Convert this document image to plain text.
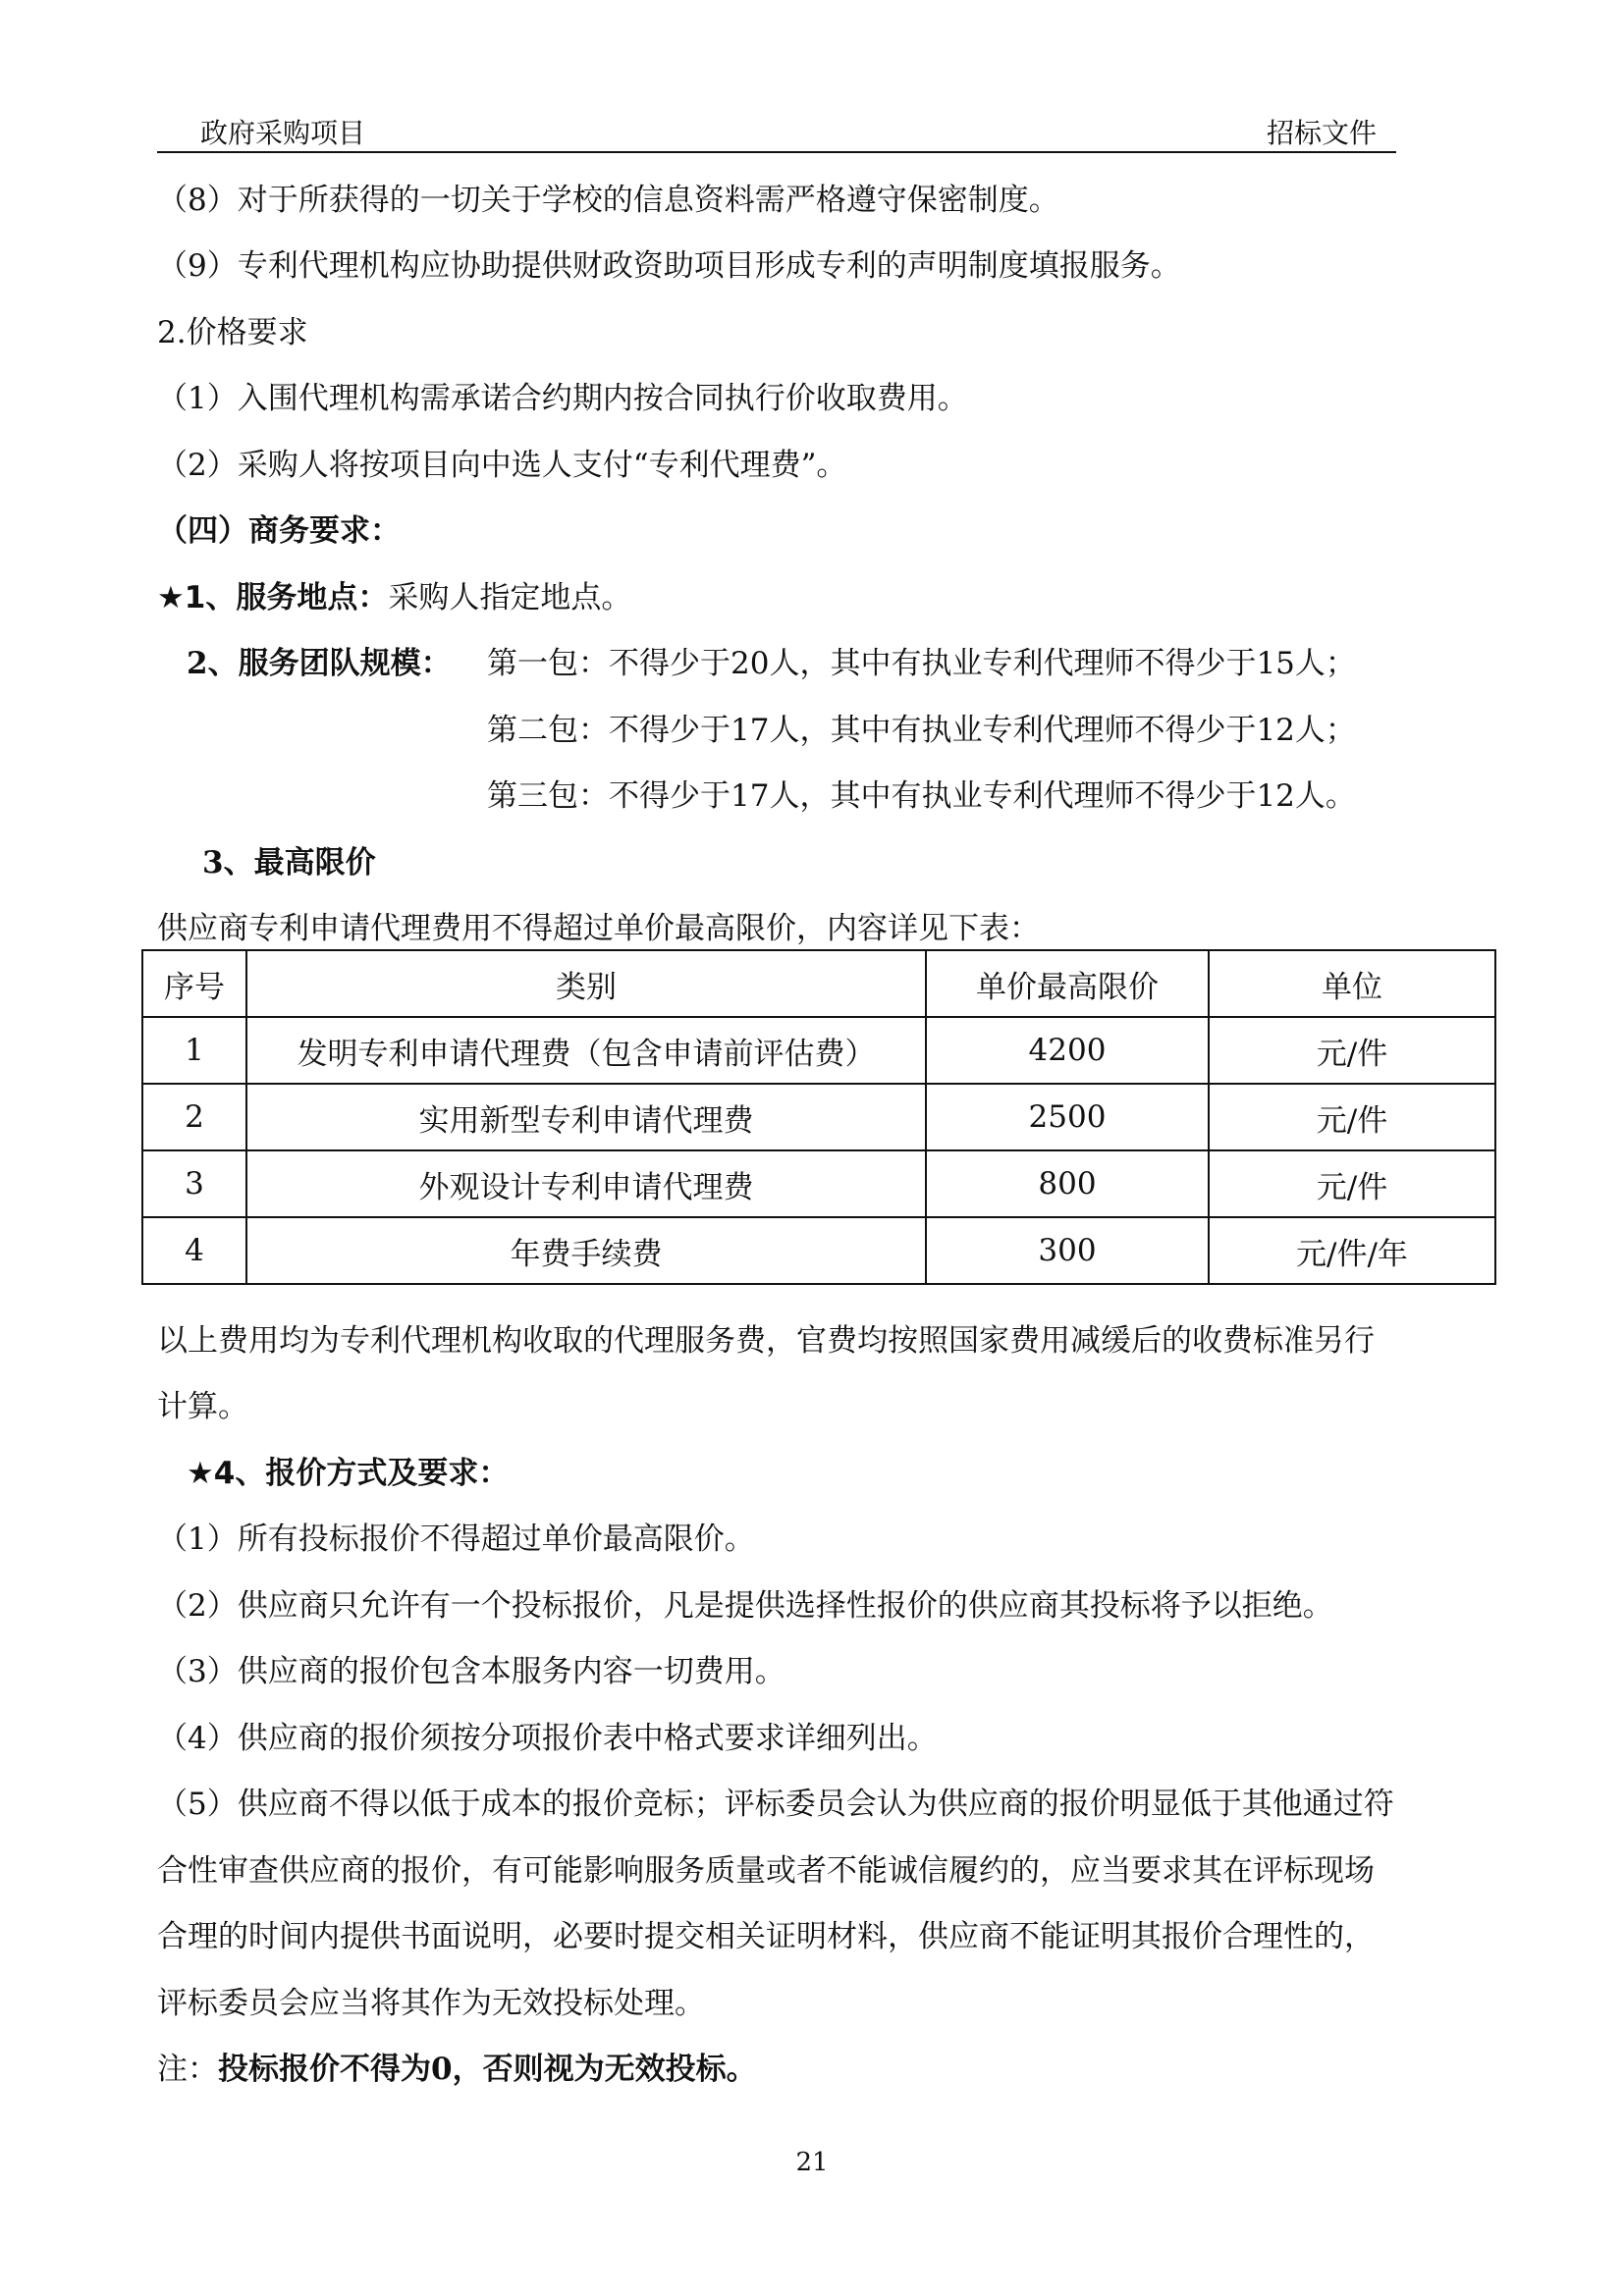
政府采购项目	招标文件
（8）对于所获得的一切关于学校的信息资料需严格遵守保密制度。
（9）专利代理机构应协助提供财政资助项目形成专利的声明制度填报服务。
2.价格要求
（1）入围代理机构需承诺合约期内按合同执行价收取费用。
（2）采购人将按项目向中选人支付“专利代理费”。
（四）商务要求：
★1、服务地点：采购人指定地点。
2、服务团队规模： 第一包：不得少于20人，其中有执业专利代理师不得少于15人；
第二包：不得少于17人，其中有执业专利代理师不得少于12人；
第三包：不得少于17人，其中有执业专利代理师不得少于12人。
3、最高限价
供应商专利申请代理费用不得超过单价最高限价，内容详见下表：
序号	类别	单价最高限价	单位
1	发明专利申请代理费（包含申请前评估费）	4200	元/件
2	实用新型专利申请代理费	2500	元/件
3	外观设计专利申请代理费	800	元/件
4	年费手续费	300	元/件/年
以上费用均为专利代理机构收取的代理服务费，官费均按照国家费用减缓后的收费标准另行
计算。
★4、报价方式及要求：
（1）所有投标报价不得超过单价最高限价。
（2）供应商只允许有一个投标报价，凡是提供选择性报价的供应商其投标将予以拒绝。
（3）供应商的报价包含本服务内容一切费用。
（4）供应商的报价须按分项报价表中格式要求详细列出。
（5）供应商不得以低于成本的报价竞标；评标委员会认为供应商的报价明显低于其他通过符
合性审查供应商的报价，有可能影响服务质量或者不能诚信履约的，应当要求其在评标现场
合理的时间内提供书面说明，必要时提交相关证明材料，供应商不能证明其报价合理性的，
评标委员会应当将其作为无效投标处理。
注：投标报价不得为0，否则视为无效投标。
21
